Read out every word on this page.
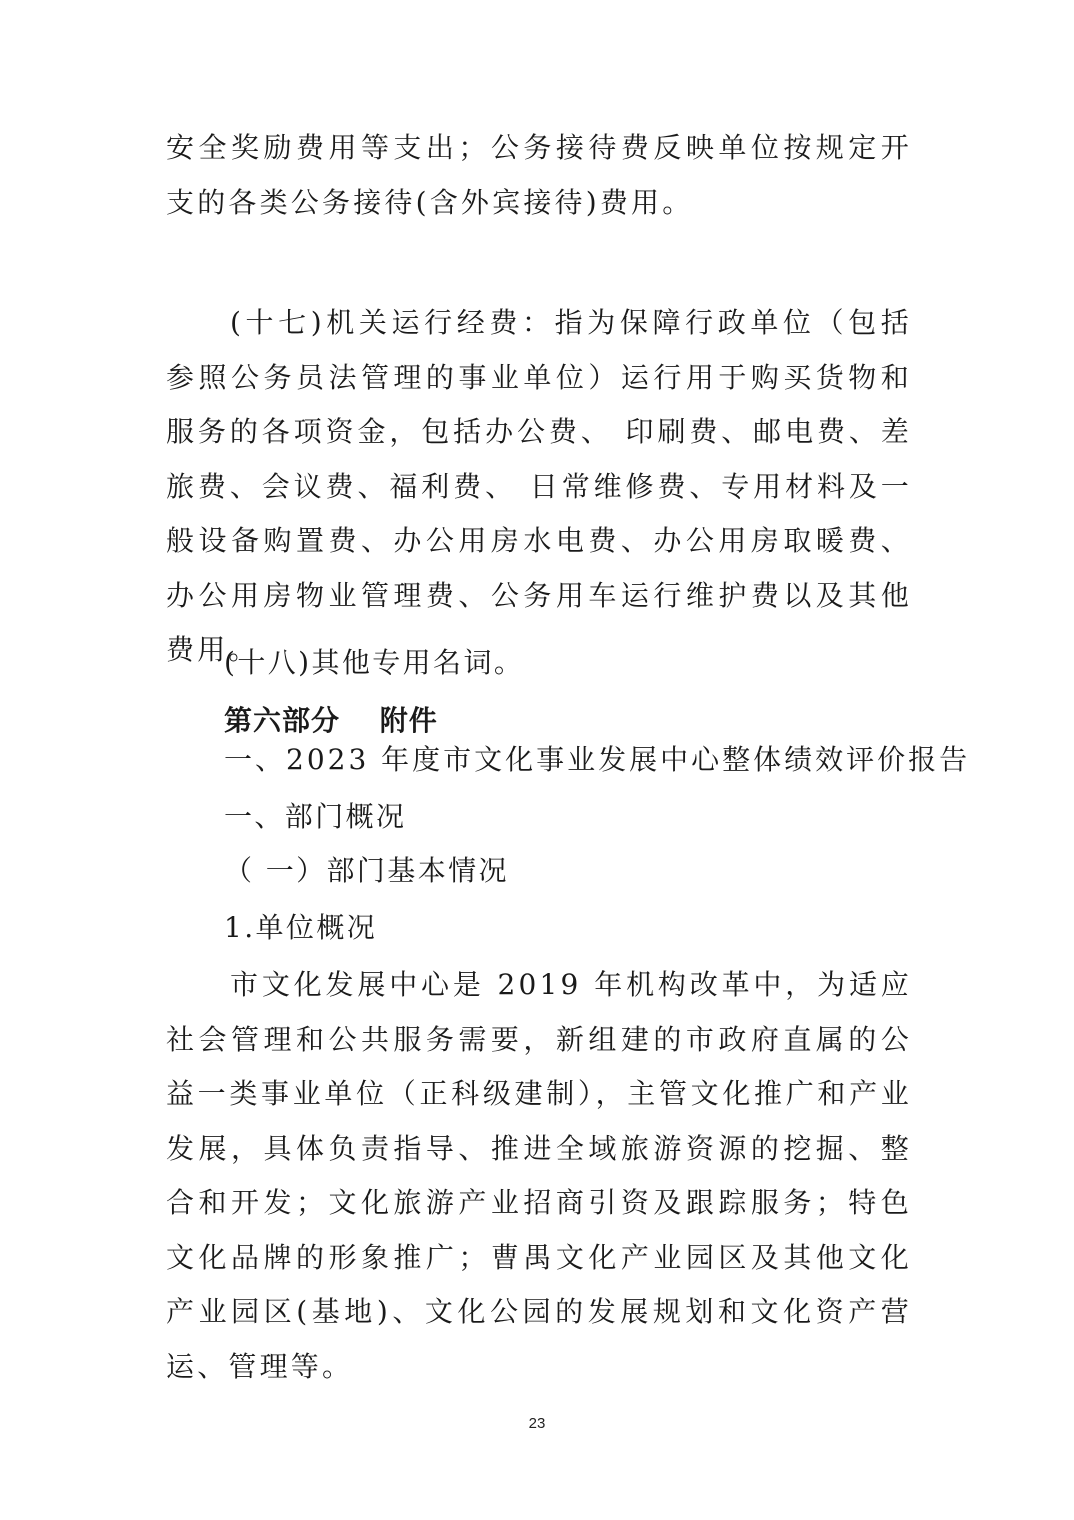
安全奖励费用等支出；公务接待费反映单位按规定开支的各类公务接待(含外宾接待)费用。

(十七)机关运行经费：指为保障行政单位（包括参照公务员法管理的事业单位）运行用于购买货物和服务的各项资金，包括办公费、 印刷费、邮电费、差旅费、会议费、福利费、 日常维修费、专用材料及一般设备购置费、办公用房水电费、办公用房取暖费、办公用房物业管理费、公务用车运行维护费以及其他费用。

(十八)其他专用名词。

第六部分　 附件

一、2023 年度市文化事业发展中心整体绩效评价报告

一、部门概况

（ 一）部门基本情况

1.单位概况

市文化发展中心是 2019 年机构改革中，为适应社会管理和公共服务需要，新组建的市政府直属的公益一类事业单位（正科级建制），主管文化推广和产业发展，具体负责指导、推进全域旅游资源的挖掘、整合和开发；文化旅游产业招商引资及跟踪服务；特色文化品牌的形象推广；曹禺文化产业园区及其他文化产业园区(基地)、文化公园的发展规划和文化资产营运、管理等。

23
